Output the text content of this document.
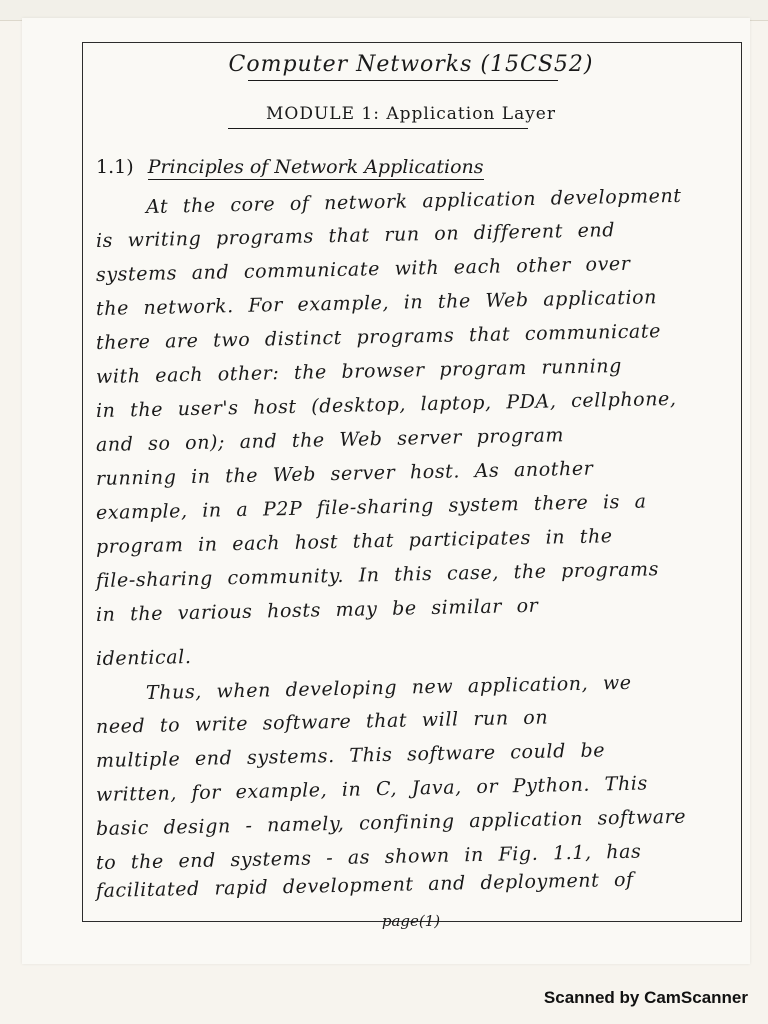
Computer Networks (15CS52)
MODULE 1: Application Layer
1.1) Principles of Network Applications
At the core of network application development
is writing programs that run on different end
systems and communicate with each other over
the network. For example, in the Web application
there are two distinct programs that communicate
with each other: the browser program running
in the user's host (desktop, laptop, PDA, cellphone,
and so on); and the Web server program
running in the Web server host. As another
example, in a P2P file-sharing system there is a
program in each host that participates in the
file-sharing community. In this case, the programs
in the various hosts may be similar or
identical.
Thus, when developing new application, we
need to write software that will run on
multiple end systems. This software could be
written, for example, in C, Java, or Python. This
basic design - namely, confining application software
to the end systems - as shown in Fig. 1.1, has
facilitated rapid development and deployment of
page(1)
Scanned by CamScanner
